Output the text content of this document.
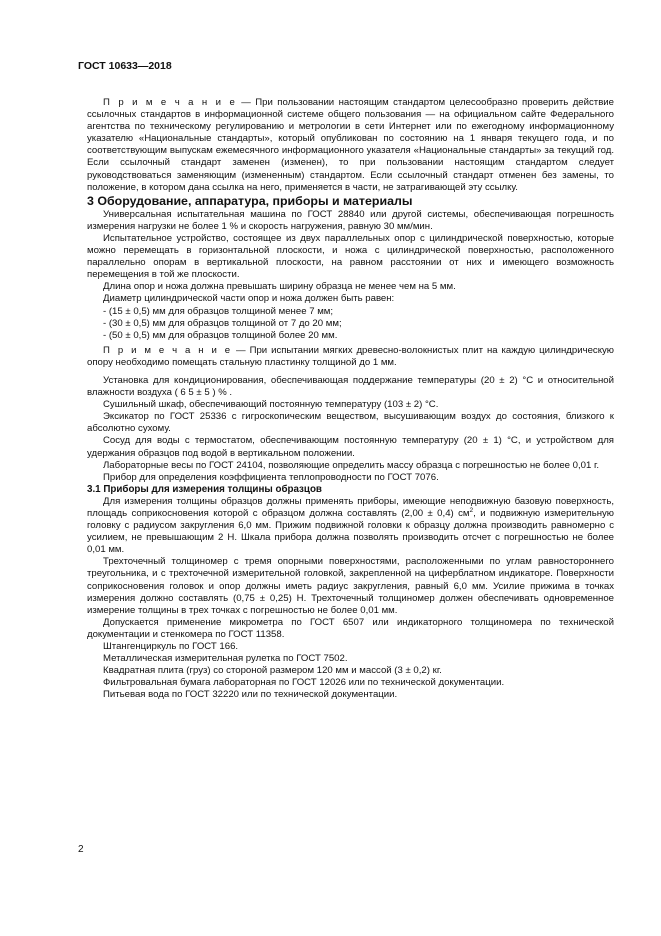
ГОСТ 10633—2018

П р и м е ч а н и е — При пользовании настоящим стандартом целесообразно проверить действие ссылочных стандартов в информационной системе общего пользования — на официальном сайте Федерального агентства по техническому регулированию и метрологии в сети Интернет или по ежегодному информационному указателю «Национальные стандарты», который опубликован по состоянию на 1 января текущего года, и по соответствующим выпускам ежемесячного информационного указателя «Национальные стандарты» за текущий год. Если ссылочный стандарт заменен (изменен), то при пользовании настоящим стандартом следует руководствоваться заменяющим (измененным) стандартом. Если ссылочный стандарт отменен без замены, то положение, в котором дана ссылка на него, применяется в части, не затрагивающей эту ссылку.

3 Оборудование, аппаратура, приборы и материалы

Универсальная испытательная машина по ГОСТ 28840 или другой системы, обеспечивающая погрешность измерения нагрузки не более 1 % и скорость нагружения, равную 30 мм/мин.

Испытательное устройство, состоящее из двух параллельных опор с цилиндрической поверхностью, которые можно перемещать в горизонтальной плоскости, и ножа с цилиндрической поверхностью, расположенного параллельно опорам в вертикальной плоскости, на равном расстоянии от них и имеющего возможность перемещения в той же плоскости.

Длина опор и ножа должна превышать ширину образца не менее чем на 5 мм.

Диаметр цилиндрической части опор и ножа должен быть равен:

- (15 ± 0,5) мм для образцов толщиной менее 7 мм;

- (30 ± 0,5) мм для образцов толщиной от 7 до 20 мм;

- (50 ± 0,5) мм для образцов толщиной более 20 мм.

П р и м е ч а н и е — При испытании мягких древесно-волокнистых плит на каждую цилиндрическую опору необходимо помещать стальную пластинку толщиной до 1 мм.

Установка для кондиционирования, обеспечивающая поддержание температуры (20 ± 2) °С и относительной влажности воздуха ( 6 5 ± 5 ) % .

Сушильный шкаф, обеспечивающий постоянную температуру (103 ± 2) °С.

Эксикатор по ГОСТ 25336 с гигроскопическим веществом, высушивающим воздух до состояния, близкого к абсолютно сухому.

Сосуд для воды с термостатом, обеспечивающим постоянную температуру (20 ± 1) °С, и устройством для удержания образцов под водой в вертикальном положении.

Лабораторные весы по ГОСТ 24104, позволяющие определить массу образца с погрешностью не более 0,01 г.

Прибор для определения коэффициента теплопроводности по ГОСТ 7076.

3.1 Приборы для измерения толщины образцов

Для измерения толщины образцов должны применять приборы, имеющие неподвижную базовую поверхность, площадь соприкосновения которой с образцом должна составлять (2,00 ± 0,4) $см^2$, и подвижную измерительную головку с радиусом закругления 6,0 мм. Прижим подвижной головки к образцу должна производить равномерно с усилием, не превышающим 2 Н. Шкала прибора должна позволять производить отсчет с погрешностью не более 0,01 мм.

Трехточечный толщиномер с тремя опорными поверхностями, расположенными по углам равностороннего треугольника, и с трехточечной измерительной головкой, закрепленной на циферблатном индикаторе. Поверхности соприкосновения головок и опор должны иметь радиус закругления, равный 6,0 мм. Усилие прижима в точках измерения должно составлять (0,75 ± 0,25) Н. Трехточечный толщиномер должен обеспечивать одновременное измерение толщины в трех точках с погрешностью не более 0,01 мм.

Допускается применение микрометра по ГОСТ 6507 или индикаторного толщиномера по технической документации и стенкомера по ГОСТ 11358.

Штангенциркуль по ГОСТ 166.

Металлическая измерительная рулетка по ГОСТ 7502.

Квадратная плита (груз) со стороной размером 120 мм и массой (3 ± 0,2) кг.

Фильтровальная бумага лабораторная по ГОСТ 12026 или по технической документации.

Питьевая вода по ГОСТ 32220 или по технической документации.

2
